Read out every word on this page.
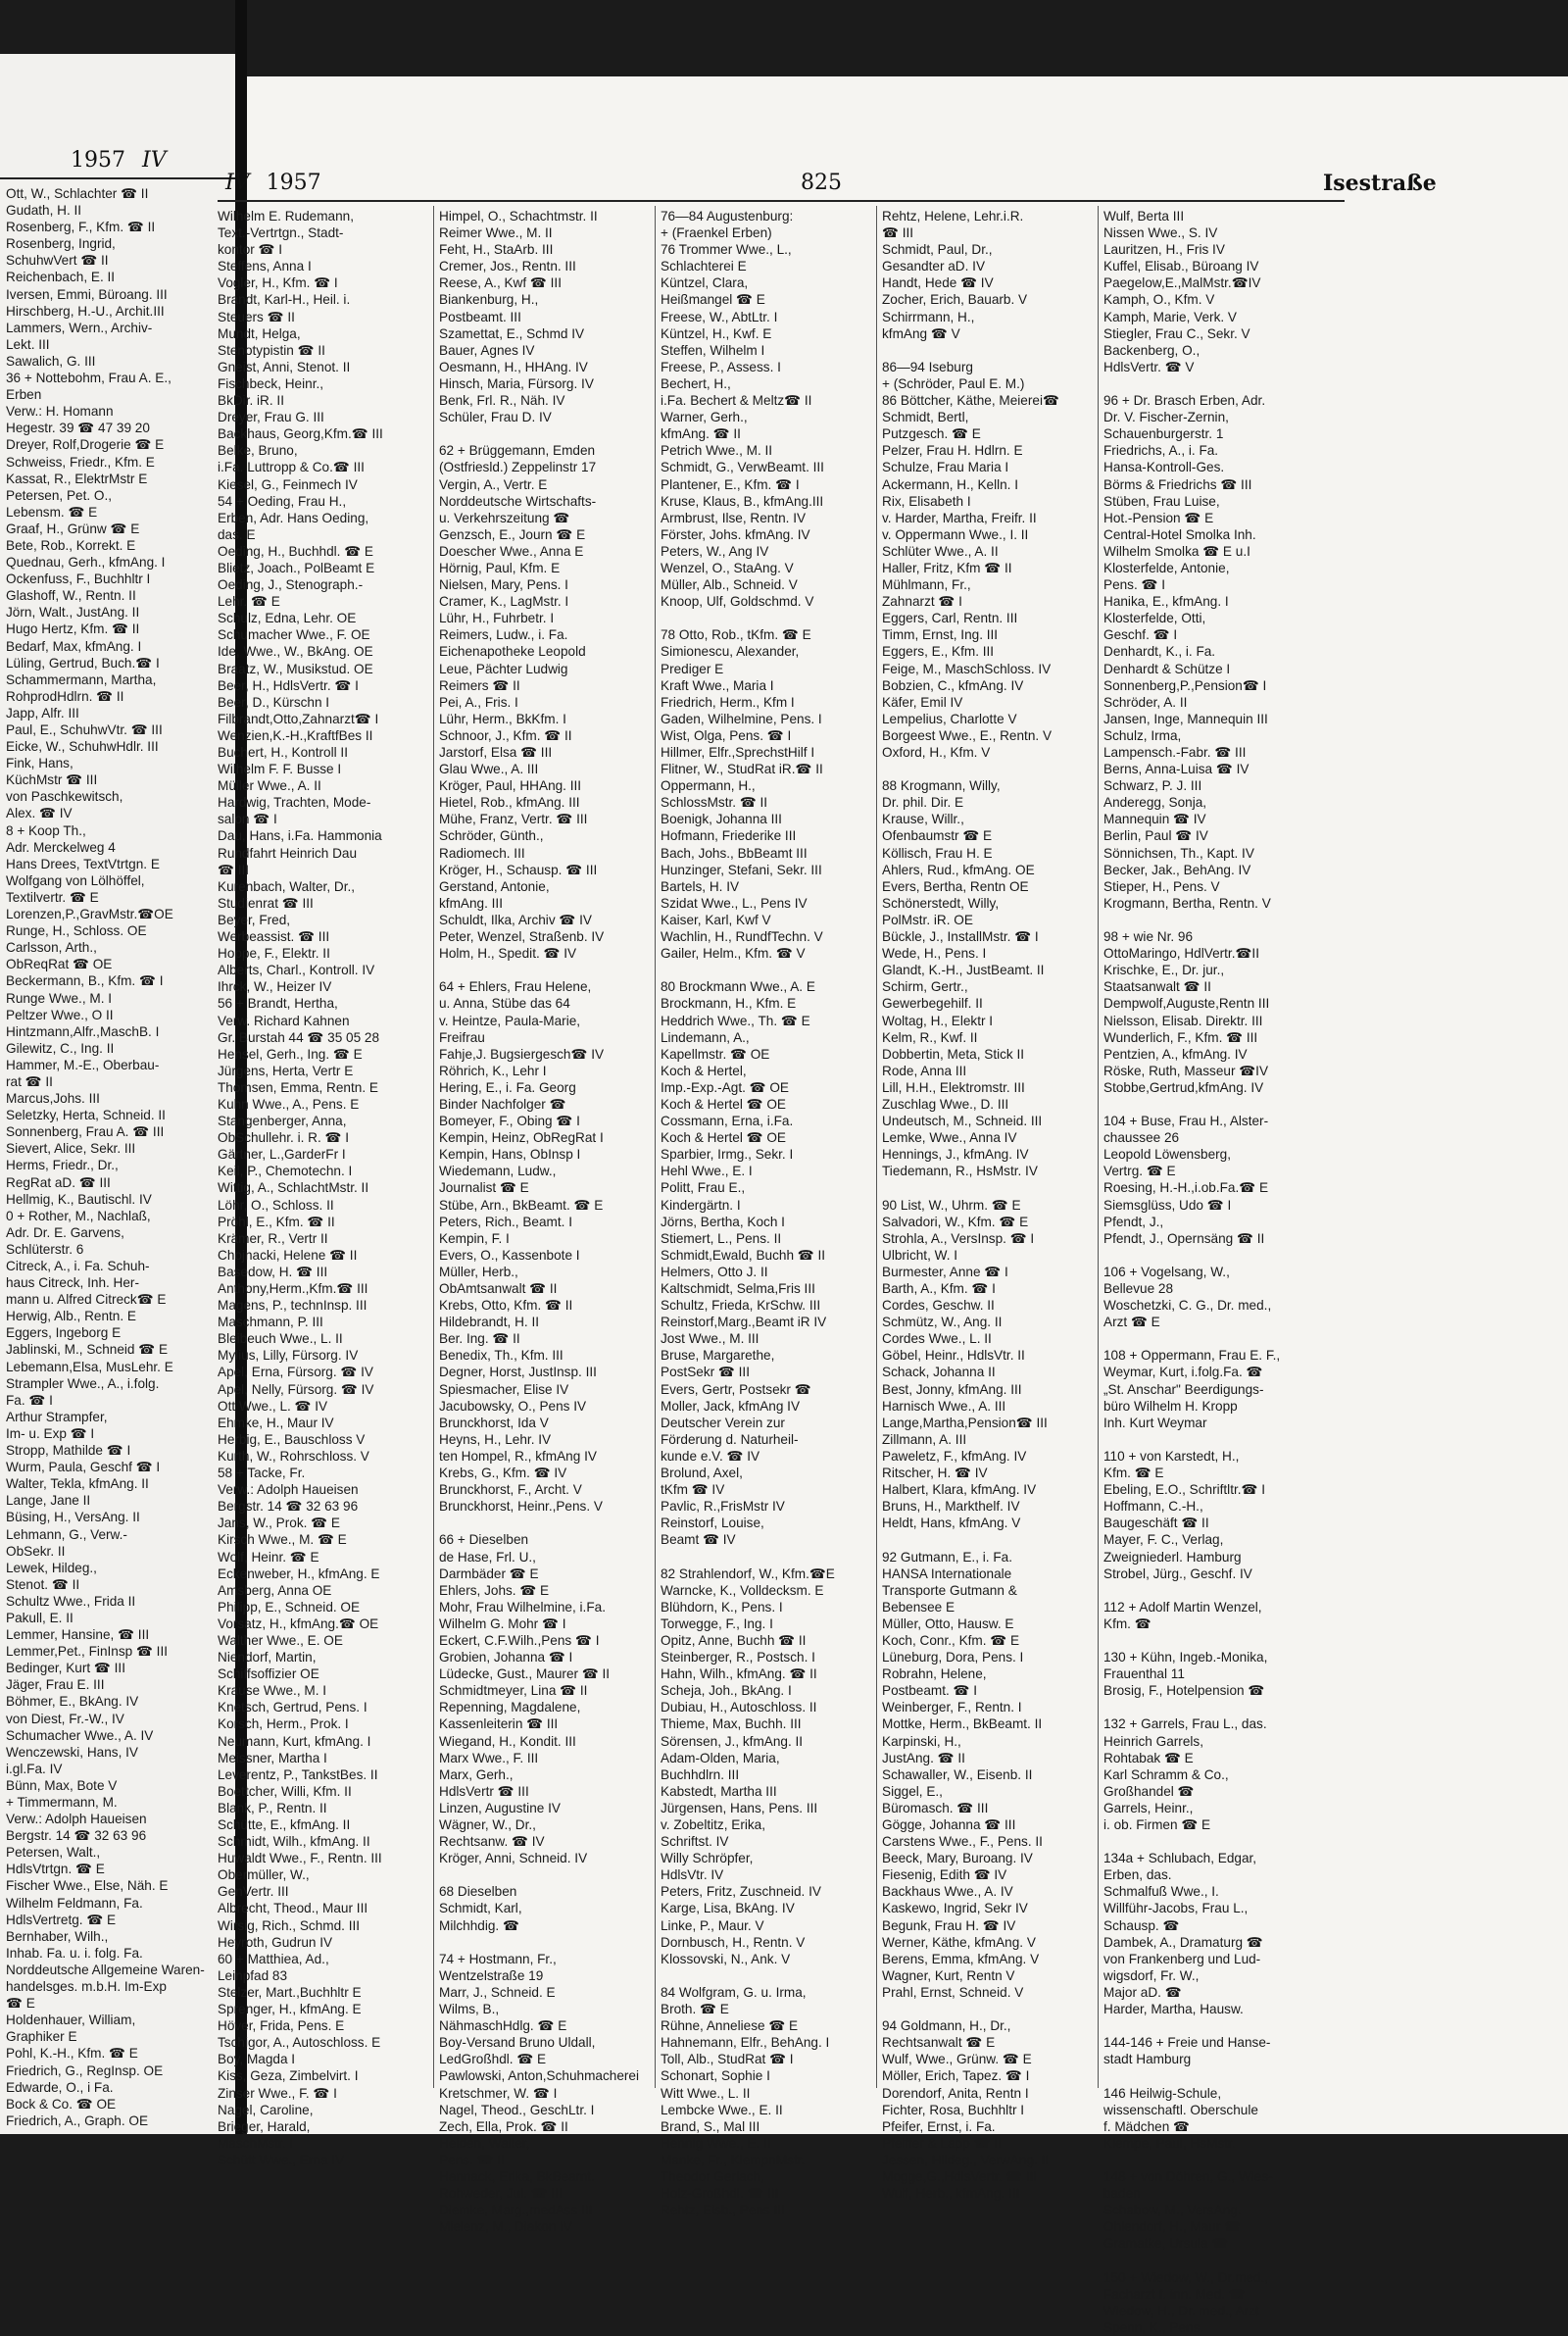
1957 IV
Ott, W., Schlachter ☎ II
Gudath, H. II
Rosenberg, F., Kfm. ☎ II
Rosenberg, Ingrid,
SchuhwVert ☎ II
Reichenbach, E. II
Iversen, Emmi, Büroang. III
Hirschberg, H.-U., Archit.III
Lammers, Wern., Archiv-
Lekt. III
Sawalich, G. III
36 + Nottebohm, Frau A. E.,
Erben
Verw.: H. Homann
Hegestr. 39 ☎ 47 39 20
Dreyer, Rolf,Drogerie ☎ E
Schweiss, Friedr., Kfm. E
Kassat, R., ElektrMstr E
Petersen, Pet. O.,
Lebensm. ☎ E
Graaf, H., Grünw ☎ E
Bete, Rob., Korrekt. E
Quednau, Gerh., kfmAng. I
Ockenfuss, F., Buchhltr I
Glashoff, W., Rentn. II
Jörn, Walt., JustAng. II
Hugo Hertz, Kfm. ☎ II
Bedarf, Max, kfmAng. I
Lüling, Gertrud, Buch.☎ I
Schammermann, Martha,
RohprodHdlrn. ☎ II
Japp, Alfr. III
Paul, E., SchuhwVtr. ☎ III
Eicke, W., SchuhwHdlr. III
Fink, Hans,
KüchMstr ☎ III
von Paschkewitsch,
Alex. ☎ IV
8 + Koop Th.,
Adr. Merckelweg 4
Hans Drees, TextVtrtgn. E
Wolfgang von Lölhöffel,
Textilvertr. ☎ E
Lorenzen,P.,GravMstr.☎OE
Runge, H., Schloss. OE
Carlsson, Arth.,
ObReqRat ☎ OE
Beckermann, B., Kfm. ☎ I
Runge Wwe., M. I
Peltzer Wwe., O II
Hintzmann,Alfr.,MaschB. I
Gilewitz, C., Ing. II
Hammer, M.-E., Oberbau-
rat ☎ II
Marcus,Johs. III
Seletzky, Herta, Schneid. II
Sonnenberg, Frau A. ☎ III
Sievert, Alice, Sekr. III
Herms, Friedr., Dr.,
RegRat aD. ☎ III
Hellmig, K., Bautischl. IV
0 + Rother, M., Nachlaß,
Adr. Dr. E. Garvens,
Schlüterstr. 6
Citreck, A., i. Fa. Schuh-
haus Citreck, Inh. Her-
mann u. Alfred Citreck☎ E
Herwig, Alb., Rentn. E
Eggers, Ingeborg E
Jablinski, M., Schneid ☎ E
Lebemann,Elsa, MusLehr. E
Strampler Wwe., A., i.folg.
Fa. ☎ I
Arthur Strampfer,
Im- u. Exp ☎ I
Stropp, Mathilde ☎ I
Wurm, Paula, Geschf ☎ I
Walter, Tekla, kfmAng. II
Lange, Jane II
Büsing, H., VersAng. II
Lehmann, G., Verw.-
ObSekr. II
Lewek, Hildeg.,
Stenot. ☎ II
Schultz Wwe., Frida II
Pakull, E. II
Lemmer, Hansine, ☎ III
Lemmer,Pet., FinInsp ☎ III
Bedinger, Kurt ☎ III
Jäger, Frau E. III
Böhmer, E., BkAng. IV
von Diest, Fr.-W., IV
Schumacher Wwe., A. IV
Wenczewski, Hans, IV
i.gl.Fa. IV
Bünn, Max, Bote V
+ Timmermann, M.
Verw.: Adolph Haueisen
Bergstr. 14 ☎ 32 63 96
Petersen, Walt.,
HdlsVtrtgn. ☎ E
Fischer Wwe., Else, Näh. E
Wilhelm Feldmann, Fa.
HdlsVertretg. ☎ E
Bernhaber, Wilh.,
Inhab. Fa. u. i. folg. Fa.
Norddeutsche Allgemeine Waren-
handelsges. m.b.H. Im-Exp
☎ E
Holdenhauer, William,
Graphiker E
Pohl, K.-H., Kfm. ☎ E
Friedrich, G., RegInsp. OE
Edwarde, O., i Fa.
Bock & Co. ☎ OE
Friedrich, A., Graph. OE
IV 1957	825	Isestraße
Wilhelm E. Rudemann,
Text.-Vertrtgn., Stadt-
kontor ☎ I
Steffens, Anna I
Vogler, H., Kfm. ☎ I
Brandt, Karl-H., Heil. i.
Steuers ☎ II
Mundt, Helga,
Stenotypistin ☎ II
Gneist, Anni, Stenot. II
Fischbeck, Heinr.,
BkDir. iR. II
Dreyer, Frau G. III
Backhaus, Georg,Kfm.☎ III
Belke, Bruno,
i.Fa. Luttropp & Co.☎ III
Kiesel, G., Feinmech IV
54 + Oeding, Frau H.,
Erben, Adr. Hans Oeding,
das. E
Oeding, H., Buchhdl. ☎ E
Blietz, Joach., PolBeamt E
Oeding, J., Stenograph.-
Lehr. ☎ E
Schulz, Edna, Lehr. OE
Schumacher Wwe., F. OE
Ide, Wwe., W., BkAng. OE
Braatz, W., Musikstud. OE
Beer, H., HdlsVertr. ☎ I
Beer, D., Kürschn I
Filbrandt,Otto,Zahnarzt☎ I
Wenzien,K.-H.,KraftfBes II
Buchert, H., Kontroll II
Wilhelm F. F. Busse I
Müller Wwe., A. II
Hardwig, Trachten, Mode-
salon ☎ I
Dau, Hans, i.Fa. Hammonia
Rundfahrt Heinrich Dau
☎ III
Kurenbach, Walter, Dr.,
Studienrat ☎ III
Beyer, Fred,
Werbeassist. ☎ III
Hoppe, F., Elektr. II
Alberts, Charl., Kontroll. IV
Ihrck, W., Heizer IV
56 + Brandt, Hertha,
Verw. Richard Kahnen
Gr. Burstah 44 ☎ 35 05 28
Hensel, Gerh., Ing. ☎ E
Jürgens, Herta, Vertr E
Thomsen, Emma, Rentn. E
Kuhn Wwe., A., Pens. E
Stangenberger, Anna,
ObSchullehr. i. R. ☎ I
Gärtner, L.,GarderFr I
Keil, P., Chemotechn. I
Wittig, A., SchlachtMstr. II
Löhr, O., Schloss. II
Pröhl, E., Kfm. ☎ II
Krämer, R., Vertr II
Chojnacki, Helene ☎ II
Basedow, H. ☎ III
Anthony,Herm.,Kfm.☎ III
Magens, P., technInsp. III
Maschmann, P. III
Bleibeuch Wwe., L. II
Mylius, Lilly, Fürsorg. IV
Apel, Erna, Fürsorg. ☎ IV
Apel, Nelly, Fürsorg. ☎ IV
Ott Wwe., L. ☎ IV
Ehmke, H., Maur IV
Herbig, E., Bauschloss V
Kurth, W., Rohrschloss. V
58 + Tacke, Fr.
Verw.: Adolph Haueisen
Bergstr. 14 ☎ 32 63 96
Jans, W., Prok. ☎ E
Kirsch Wwe., M. ☎ E
Wolf, Heinr. ☎ E
Eckenweber, H., kfmAng. E
Amsberg, Anna OE
Philipp, E., Schneid. OE
Vorsatz, H., kfmAng.☎ OE
Walther Wwe., E. OE
Niendorf, Martin,
Schiffsoffizier OE
Krause Wwe., M. I
Knetsch, Gertrud, Pens. I
Korsch, Herm., Prok. I
Neumann, Kurt, kfmAng. I
Meissner, Martha I
Leverentz, P., TankstBes. II
Boettcher, Willi, Kfm. II
Blank, P., Rentn. II
Schütte, E., kfmAng. II
Schmidt, Wilh., kfmAng. II
Huwaldt Wwe., F., Rentn. III
Obermüller, W.,
GenVertr. III
Albrecht, Theod., Maur III
Wirsig, Rich., Schmd. III
Heyroth, Gudrun IV
60 + Matthiea, Ad.,
Leinpfad 83
Stelzer, Mart.,Buchhltr E
Sprenger, H., kfmAng. E
Höver, Frida, Pens. E
Tschigor, A., Autoschloss. E
Boy, Magda I
Kiss, Geza, Zimbelvirt. I
Zinser Wwe., F. ☎ I
Nagel, Caroline,
Brieger, Harald,
MaschMstr. I
Schütt Wwe., Erna IV
Himpel, O., Schachtmstr. II
Reimer Wwe., M. II
Feht, H., StaArb. III
Cremer, Jos., Rentn. III
Reese, A., Kwf ☎ III
Biankenburg, H.,
Postbeamt. III
Szamettat, E., Schmd IV
Bauer, Agnes IV
Oesmann, H., HHAng. IV
Hinsch, Maria, Fürsorg. IV
Benk, Frl. R., Näh. IV
Schüler, Frau D. IV
62 + Brüggemann, Emden
(Ostfriesld.) Zeppelinstr 17
Vergin, A., Vertr. E
Norddeutsche Wirtschafts-
u. Verkehrszeitung ☎
Genzsch, E., Journ ☎ E
Doescher Wwe., Anna E
Hörnig, Paul, Kfm. E
Nielsen, Mary, Pens. I
Cramer, K., LagMstr. I
Lühr, H., Fuhrbetr. I
Reimers, Ludw., i. Fa.
Eichenapotheke Leopold
Leue, Pächter Ludwig
Reimers ☎ II
Pei, A., Fris. I
Lühr, Herm., BkKfm. I
Schnoor, J., Kfm. ☎ II
Jarstorf, Elsa ☎ III
Glau Wwe., A. III
Kröger, Paul, HHAng. III
Hietel, Rob., kfmAng. III
Mühe, Franz, Vertr. ☎ III
Schröder, Günth.,
Radiomech. III
Kröger, H., Schausp. ☎ III
Gerstand, Antonie,
kfmAng. III
Schuldt, Ilka, Archiv ☎ IV
Peter, Wenzel, Straßenb. IV
Holm, H., Spedit. ☎ IV
64 + Ehlers, Frau Helene,
u. Anna, Stübe das 64
v. Heintze, Paula-Marie,
Freifrau
Fahje,J. Bugsiergesch☎ IV
Röhrich, K., Lehr I
Hering, E., i. Fa. Georg
Binder Nachfolger ☎
Bomeyer, F., Obing ☎ I
Kempin, Heinz, ObRegRat I
Kempin, Hans, ObInsp I
Wiedemann, Ludw.,
Journalist ☎ E
Stübe, Arn., BkBeamt. ☎ E
Peters, Rich., Beamt. I
Kempin, F. I
Evers, O., Kassenbote I
Müller, Herb.,
ObAmtsanwalt ☎ II
Krebs, Otto, Kfm. ☎ II
Hildebrandt, H. II
Ber. Ing. ☎ II
Benedix, Th., Kfm. III
Degner, Horst, JustInsp. III
Spiesmacher, Elise IV
Jacubowsky, O., Pens IV
Brunckhorst, Ida V
Heyns, H., Lehr. IV
ten Hompel, R., kfmAng IV
Krebs, G., Kfm. ☎ IV
Brunckhorst, F., Archt. V
Brunckhorst, Heinr.,Pens. V
66 + Dieselben
de Hase, Frl. U.,
Darmbäder ☎ E
Ehlers, Johs. ☎ E
Mohr, Frau Wilhelmine, i.Fa.
Wilhelm G. Mohr ☎ I
Eckert, C.F.Wilh.,Pens ☎ I
Grobien, Johanna ☎ I
Lüdecke, Gust., Maurer ☎ II
Schmidtmeyer, Lina ☎ II
Repenning, Magdalene,
Kassenleiterin ☎ III
Wiegand, H., Kondit. III
Marx Wwe., F. III
Marx, Gerh.,
HdlsVertr ☎ III
Linzen, Augustine IV
Wägner, W., Dr.,
Rechtsanw. ☎ IV
Kröger, Anni, Schneid. IV
68 Dieselben
Schmidt, Karl,
Milchhdig. ☎
74 + Hostmann, Fr.,
Wentzelstraße 19
Marr, J., Schneid. E
Wilms, B.,
NähmaschHdlg. ☎ E
Boy-Versand Bruno Uldall,
LedGroßhdl. ☎ E
Pawlowski, Anton,Schuhmacherei
Kretschmer, W. ☎ I
Nagel, Theod., GeschLtr. I
Zech, Ella, Prok. ☎ II
Heiden, Walter,
Pens. ☎ II
Hannack, Erika, BkBeamt.
Rohweder, Jul. ☎ III
Diemke, Marg.,medAss III
Mielenz, M., Diakon IV
76—84 Augustenburg:
+ (Fraenkel Erben)
76 Trommer Wwe., L.,
Schlachterei E
Küntzel, Clara,
Heißmangel ☎ E
Freese, W., AbtLtr. I
Küntzel, H., Kwf. E
Steffen, Wilhelm I
Freese, P., Assess. I
Bechert, H.,
i.Fa. Bechert & Meltz☎ II
Warner, Gerh.,
kfmAng. ☎ II
Petrich Wwe., M. II
Schmidt, G., VerwBeamt. III
Plantener, E., Kfm. ☎ I
Kruse, Klaus, B., kfmAng.III
Armbrust, Ilse, Rentn. IV
Förster, Johs. kfmAng. IV
Peters, W., Ang IV
Wenzel, O., StaAng. V
Müller, Alb., Schneid. V
Knoop, Ulf, Goldschmd. V
78 Otto, Rob., tKfm. ☎ E
Simionescu, Alexander,
Prediger E
Kraft Wwe., Maria I
Friedrich, Herm., Kfm I
Gaden, Wilhelmine, Pens. I
Wist, Olga, Pens. ☎ I
Hillmer, Elfr.,SprechstHilf I
Flitner, W., StudRat iR.☎ II
Oppermann, H.,
SchlossMstr. ☎ II
Boenigk, Johanna III
Hofmann, Friederike III
Bach, Johs., BbBeamt III
Hunzinger, Stefani, Sekr. III
Bartels, H. IV
Szidat Wwe., L., Pens IV
Kaiser, Karl, Kwf V
Wachlin, H., RundfTechn. V
Gailer, Helm., Kfm. ☎ V
80 Brockmann Wwe., A. E
Brockmann, H., Kfm. E
Heddrich Wwe., Th. ☎ E
Lindemann, A.,
Kapellmstr. ☎ OE
Koch & Hertel,
Imp.-Exp.-Agt. ☎ OE
Koch & Hertel ☎ OE
Cossmann, Erna, i.Fa.
Koch & Hertel ☎ OE
Sparbier, Irmg., Sekr. I
Hehl Wwe., E. I
Politt, Frau E.,
Kindergärtn. I
Jörns, Bertha, Koch I
Stiemert, L., Pens. II
Schmidt,Ewald, Buchh ☎ II
Helmers, Otto J. II
Kaltschmidt, Selma,Fris III
Schultz, Frieda, KrSchw. III
Reinstorf,Marg.,Beamt iR IV
Jost Wwe., M. III
Bruse, Margarethe,
PostSekr ☎ III
Evers, Gertr, Postsekr ☎
Moller, Jack, kfmAng IV
Deutscher Verein zur
Förderung d. Naturheil-
kunde e.V. ☎ IV
Brolund, Axel,
tKfm ☎ IV
Pavlic, R.,FrisMstr IV
Reinstorf, Louise,
Beamt ☎ IV
82 Strahlendorf, W., Kfm.☎E
Warncke, K., Volldecksm. E
Blühdorn, K., Pens. I
Torwegge, F., Ing. I
Opitz, Anne, Buchh ☎ II
Steinberger, R., Postsch. I
Hahn, Wilh., kfmAng. ☎ II
Scheja, Joh., BkAng. I
Dubiau, H., Autoschloss. II
Thieme, Max, Buchh. III
Sörensen, J., kfmAng. II
Adam-Olden, Maria,
Buchhdlrn. III
Kabstedt, Martha III
Jürgensen, Hans, Pens. III
v. Zobeltitz, Erika,
Schriftst. IV
Willy Schröpfer,
HdlsVtr. IV
Peters, Fritz, Zuschneid. IV
Karge, Lisa, BkAng. IV
Linke, P., Maur. V
Dornbusch, H., Rentn. V
Klossovski, N., Ank. V
84 Wolfgram, G. u. Irma,
Broth. ☎ E
Rühne, Anneliese ☎ E
Hahnemann, Elfr., BehAng. I
Toll, Alb., StudRat ☎ I
Schonart, Sophie I
Witt Wwe., L. II
Lembcke Wwe., E. II
Brand, S., Mal III
Hennig Wwe., E. II
Manke, Fr., KlempnMstr.
Theodor Gerlach,
Holz-Großhdl. ☎ III
Rehtz, Elsb., Pens III
Rehtz, Helene, Lehr.i.R.
☎ III
Schmidt, Paul, Dr.,
Gesandter aD. IV
Handt, Hede ☎ IV
Zocher, Erich, Bauarb. V
Schirrmann, H.,
kfmAng ☎ V
86—94 Iseburg
+ (Schröder, Paul E. M.)
86 Böttcher, Käthe, Meierei☎
Schmidt, Bertl,
Putzgesch. ☎ E
Pelzer, Frau H. Hdlrn. E
Schulze, Frau Maria I
Ackermann, H., Kelln. I
Rix, Elisabeth I
v. Harder, Martha, Freifr. II
v. Oppermann Wwe., I. II
Schlüter Wwe., A. II
Haller, Fritz, Kfm ☎ II
Mühlmann, Fr.,
Zahnarzt ☎ I
Eggers, Carl, Rentn. III
Timm, Ernst, Ing. III
Eggers, E., Kfm. III
Feige, M., MaschSchloss. IV
Bobzien, C., kfmAng. IV
Käfer, Emil IV
Lempelius, Charlotte V
Borgeest Wwe., E., Rentn. V
Oxford, H., Kfm. V
88 Krogmann, Willy,
Dr. phil. Dir. E
Krause, Willr.,
Ofenbaumstr ☎ E
Köllisch, Frau H. E
Ahlers, Rud., kfmAng. OE
Evers, Bertha, Rentn OE
Schönerstedt, Willy,
PolMstr. iR. OE
Bückle, J., InstallMstr. ☎ I
Wede, H., Pens. I
Glandt, K.-H., JustBeamt. II
Schirm, Gertr.,
Gewerbegehilf. II
Woltag, H., Elektr I
Kelm, R., Kwf. II
Dobbertin, Meta, Stick II
Rode, Anna III
Lill, H.H., Elektromstr. III
Zuschlag Wwe., D. III
Undeutsch, M., Schneid. III
Lemke, Wwe., Anna IV
Hennings, J., kfmAng. IV
Tiedemann, R., HsMstr. IV
90 List, W., Uhrm. ☎ E
Salvadori, W., Kfm. ☎ E
Strohla, A., VersInsp. ☎ I
Ulbricht, W. I
Burmester, Anne ☎ I
Barth, A., Kfm. ☎ I
Cordes, Geschw. II
Schmütz, W., Ang. II
Cordes Wwe., L. II
Göbel, Heinr., HdlsVtr. II
Schack, Johanna II
Best, Jonny, kfmAng. III
Harnisch Wwe., A. III
Lange,Martha,Pension☎ III
Zillmann, A. III
Paweletz, F., kfmAng. IV
Ritscher, H. ☎ IV
Halbert, Klara, kfmAng. IV
Bruns, H., Markthelf. IV
Heldt, Hans, kfmAng. V
92 Gutmann, E., i. Fa.
HANSA Internationale
Transporte Gutmann &
Bebensee E
Müller, Otto, Hausw. E
Koch, Conr., Kfm. ☎ E
Lüneburg, Dora, Pens. I
Robrahn, Helene,
Postbeamt. ☎ I
Weinberger, F., Rentn. I
Mottke, Herm., BkBeamt. II
Karpinski, H.,
JustAng. ☎ II
Schawaller, W., Eisenb. II
Siggel, E.,
Büromasch. ☎ III
Gögge, Johanna ☎ III
Carstens Wwe., F., Pens. II
Beeck, Mary, Buroang. IV
Fiesenig, Edith ☎ IV
Backhaus Wwe., A. IV
Kaskewo, Ingrid, Sekr IV
Begunk, Frau H. ☎ IV
Werner, Käthe, kfmAng. V
Berens, Emma, kfmAng. V
Wagner, Kurt, Rentn V
Prahl, Ernst, Schneid. V
94 Goldmann, H., Dr.,
Rechtsanwalt ☎ E
Wulf, Wwe., Grünw. ☎ E
Möller, Erich, Tapez. ☎ I
Dorendorf, Anita, Rentn I
Fichter, Rosa, Buchhltr I
Pfeifer, Ernst, i. Fa.
Pfeiffer & Lapp ☎ II
Jessen, Hildeg., VerwAng. II
Mogge,G.,HdlsVertr. ☎ III
Wulf, Herb., kfmAng. III
Wulf, Berta III
Nissen Wwe., S. IV
Lauritzen, H., Fris IV
Kuffel, Elisab., Büroang IV
Paegelow,E.,MalMstr.☎IV
Kamph, O., Kfm. V
Kamph, Marie, Verk. V
Stiegler, Frau C., Sekr. V
Backenberg, O.,
HdlsVertr. ☎ V
96 + Dr. Brasch Erben, Adr.
Dr. V. Fischer-Zernin,
Schauenburgerstr. 1
Friedrichs, A., i. Fa.
Hansa-Kontroll-Ges.
Börms & Friedrichs ☎ III
Stüben, Frau Luise,
Hot.-Pension ☎ E
Central-Hotel Smolka Inh.
Wilhelm Smolka ☎ E u.I
Klosterfelde, Antonie,
Pens. ☎ I
Hanika, E., kfmAng. I
Klosterfelde, Otti,
Geschf. ☎ I
Denhardt, K., i. Fa.
Denhardt & Schütze I
Sonnenberg,P.,Pension☎ I
Schröder, A. II
Jansen, Inge, Mannequin III
Schulz, Irma,
Lampensch.-Fabr. ☎ III
Berns, Anna-Luisa ☎ IV
Schwarz, P. J. III
Anderegg, Sonja,
Mannequin ☎ IV
Berlin, Paul ☎ IV
Sönnichsen, Th., Kapt. IV
Becker, Jak., BehAng. IV
Stieper, H., Pens. V
Krogmann, Bertha, Rentn. V
98 + wie Nr. 96
OttoMaringo, HdlVertr.☎II
Krischke, E., Dr. jur.,
Staatsanwalt ☎ II
Dempwolf,Auguste,Rentn III
Nielsson, Elisab. Direktr. III
Wunderlich, F., Kfm. ☎ III
Pentzien, A., kfmAng. IV
Röske, Ruth, Masseur ☎IV
Stobbe,Gertrud,kfmAng. IV
104 + Buse, Frau H., Alster-
chaussee 26
Leopold Löwensberg,
Vertrg. ☎ E
Roesing, H.-H.,i.ob.Fa.☎ E
Siemsglüss, Udo ☎ I
Pfendt, J.,
Pfendt, J., Opernsäng ☎ II
106 + Vogelsang, W.,
Bellevue 28
Woschetzki, C. G., Dr. med.,
Arzt ☎ E
108 + Oppermann, Frau E. F.,
Weymar, Kurt, i.folg.Fa. ☎
„St. Anschar" Beerdigungs-
büro Wilhelm H. Kropp
Inh. Kurt Weymar
110 + von Karstedt, H.,
Kfm. ☎ E
Ebeling, E.O., Schriftltr.☎ I
Hoffmann, C.-H.,
Baugeschäft ☎ II
Mayer, F. C., Verlag,
Zweigniederl. Hamburg
Strobel, Jürg., Geschf. IV
112 + Adolf Martin Wenzel,
Kfm. ☎
130 + Kühn, Ingeb.-Monika,
Frauenthal 11
Brosig, F., Hotelpension ☎
132 + Garrels, Frau L., das.
Heinrich Garrels,
Rohtabak ☎ E
Karl Schramm & Co.,
Großhandel ☎
Garrels, Heinr.,
i. ob. Firmen ☎ E
134a + Schlubach, Edgar,
Erben, das.
Schmalfuß Wwe., I.
Willführ-Jacobs, Frau L.,
Schausp. ☎
Dambek, A., Dramaturg ☎
von Frankenberg und Lud-
wigsdorf, Fr. W.,
Major aD. ☎
Harder, Martha, Hausw.
144-146 + Freie und Hanse-
stadt Hamburg
146 Heilwig-Schule,
wissenschaftl. Oberschule
f. Mädchen ☎
Klempe, Paul, HsMstr.
148 + von Döhren, G., Wies-
baden
Schabow, M., VersAng.
Ohlendorf, H., Maur ☎
Gramatke, Ursula ☎
150 + Wiedow, W., Dr.med.,
Facharzt f. inn. Med. ☎
Wiedow, H., Dr. med., Arzt
Spenn, K., Pens.
